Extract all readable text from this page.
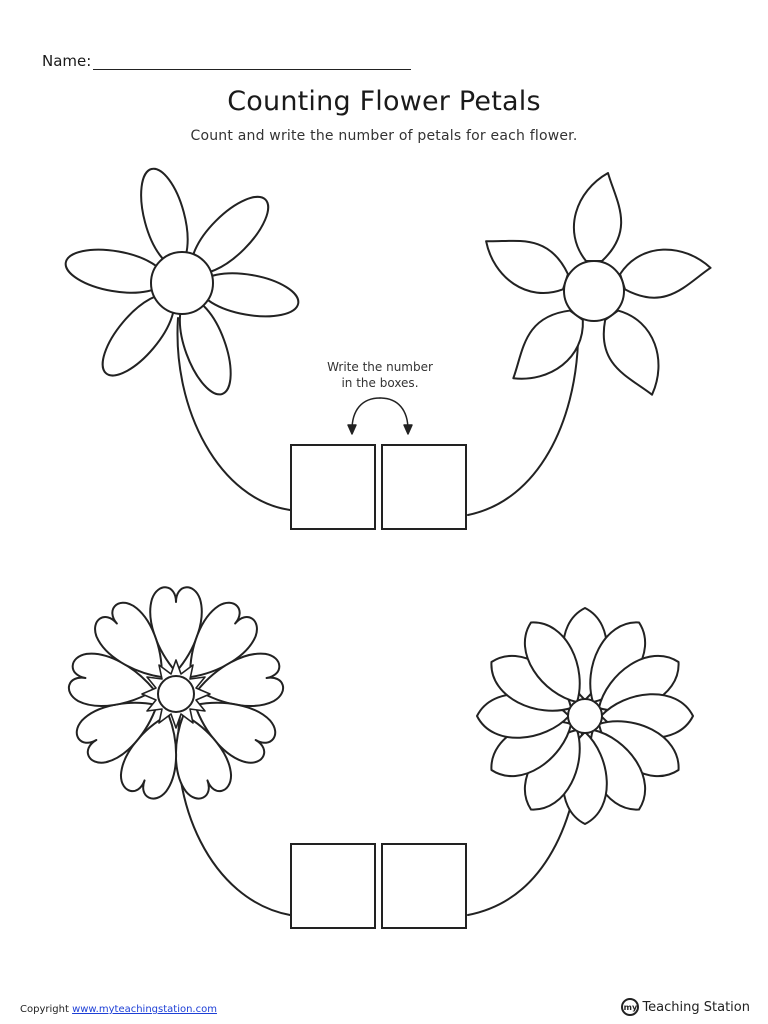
Name:
Counting Flower Petals
Count and write the number of petals for each flower.
Write the number
in the boxes.
Copyright www.myteachingstation.com	my Teaching Station
